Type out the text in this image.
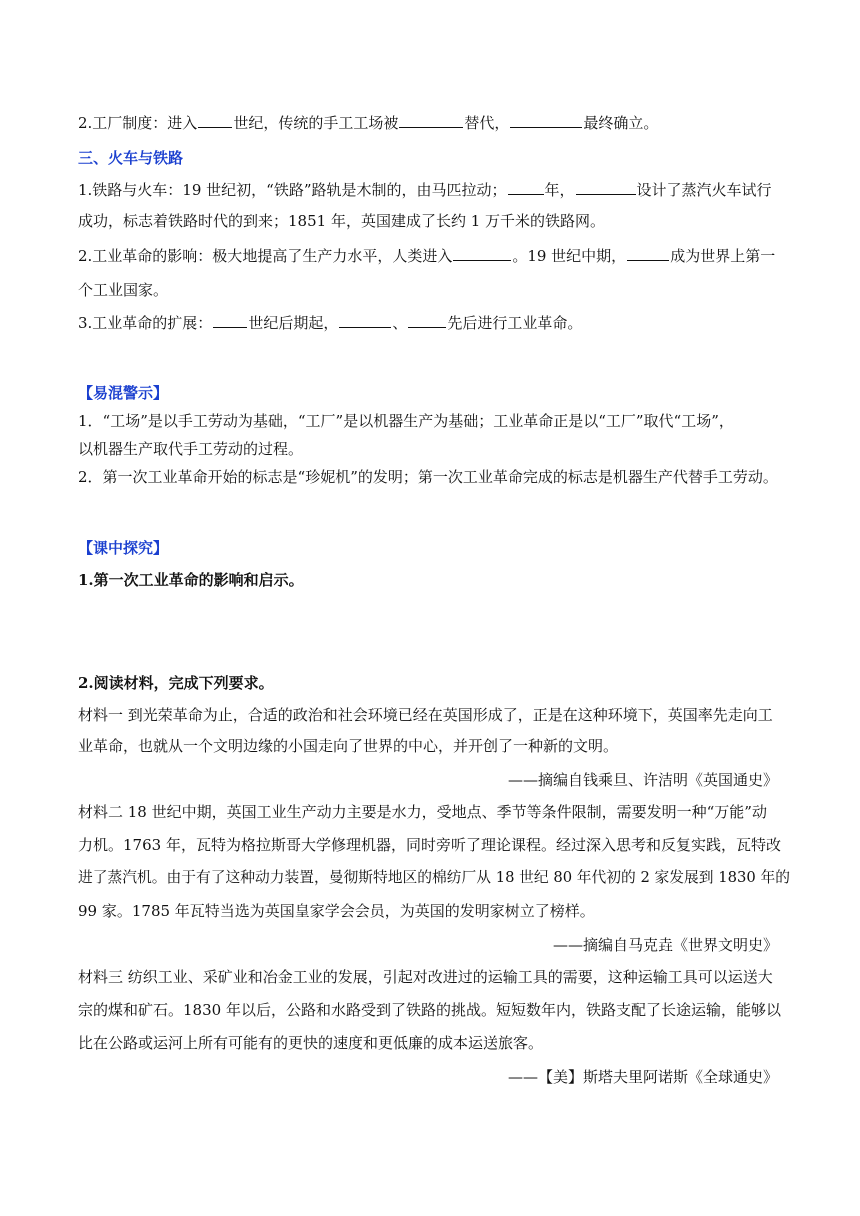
2.工厂制度：进入 世纪，传统的手工工场被	替代，	最终确立。
三、火车与铁路
1.铁路与火车：19 世纪初，“铁路”路轨是木制的，由马匹拉动；	年，	设计了蒸汽火车试行
成功，标志着铁路时代的到来；1851 年，英国建成了长约 1 万千米的铁路网。
2.工业革命的影响：极大地提高了生产力水平，人类进入	。19 世纪中期，	成为世界上第一
个工业国家。
3.工业革命的扩展： 世纪后期起，	、	先后进行工业革命。
【易混警示】
1．“工场”是以手工劳动为基础，“工厂”是以机器生产为基础；工业革命正是以“工厂”取代“工场”，
以机器生产取代手工劳动的过程。
2．第一次工业革命开始的标志是“珍妮机”的发明；第一次工业革命完成的标志是机器生产代替手工劳动。
【课中探究】
1.第一次工业革命的影响和启示。
2.阅读材料，完成下列要求。
材料一 到光荣革命为止，合适的政治和社会环境已经在英国形成了，正是在这种环境下，英国率先走向工
业革命，也就从一个文明边缘的小国走向了世界的中心，并开创了一种新的文明。
——摘编自钱乘旦、许洁明《英国通史》
材料二 18 世纪中期，英国工业生产动力主要是水力，受地点、季节等条件限制，需要发明一种“万能”动
力机。1763 年，瓦特为格拉斯哥大学修理机器，同时旁听了理论课程。经过深入思考和反复实践，瓦特改
进了蒸汽机。由于有了这种动力装置，曼彻斯特地区的棉纺厂从 18 世纪 80 年代初的 2 家发展到 1830 年的
99 家。1785 年瓦特当选为英国皇家学会会员，为英国的发明家树立了榜样。
——摘编自马克垚《世界文明史》
材料三 纺织工业、采矿业和冶金工业的发展，引起对改进过的运输工具的需要，这种运输工具可以运送大
宗的煤和矿石。1830 年以后，公路和水路受到了铁路的挑战。短短数年内，铁路支配了长途运输，能够以
比在公路或运河上所有可能有的更快的速度和更低廉的成本运送旅客。
——【美】斯塔夫里阿诺斯《全球通史》
